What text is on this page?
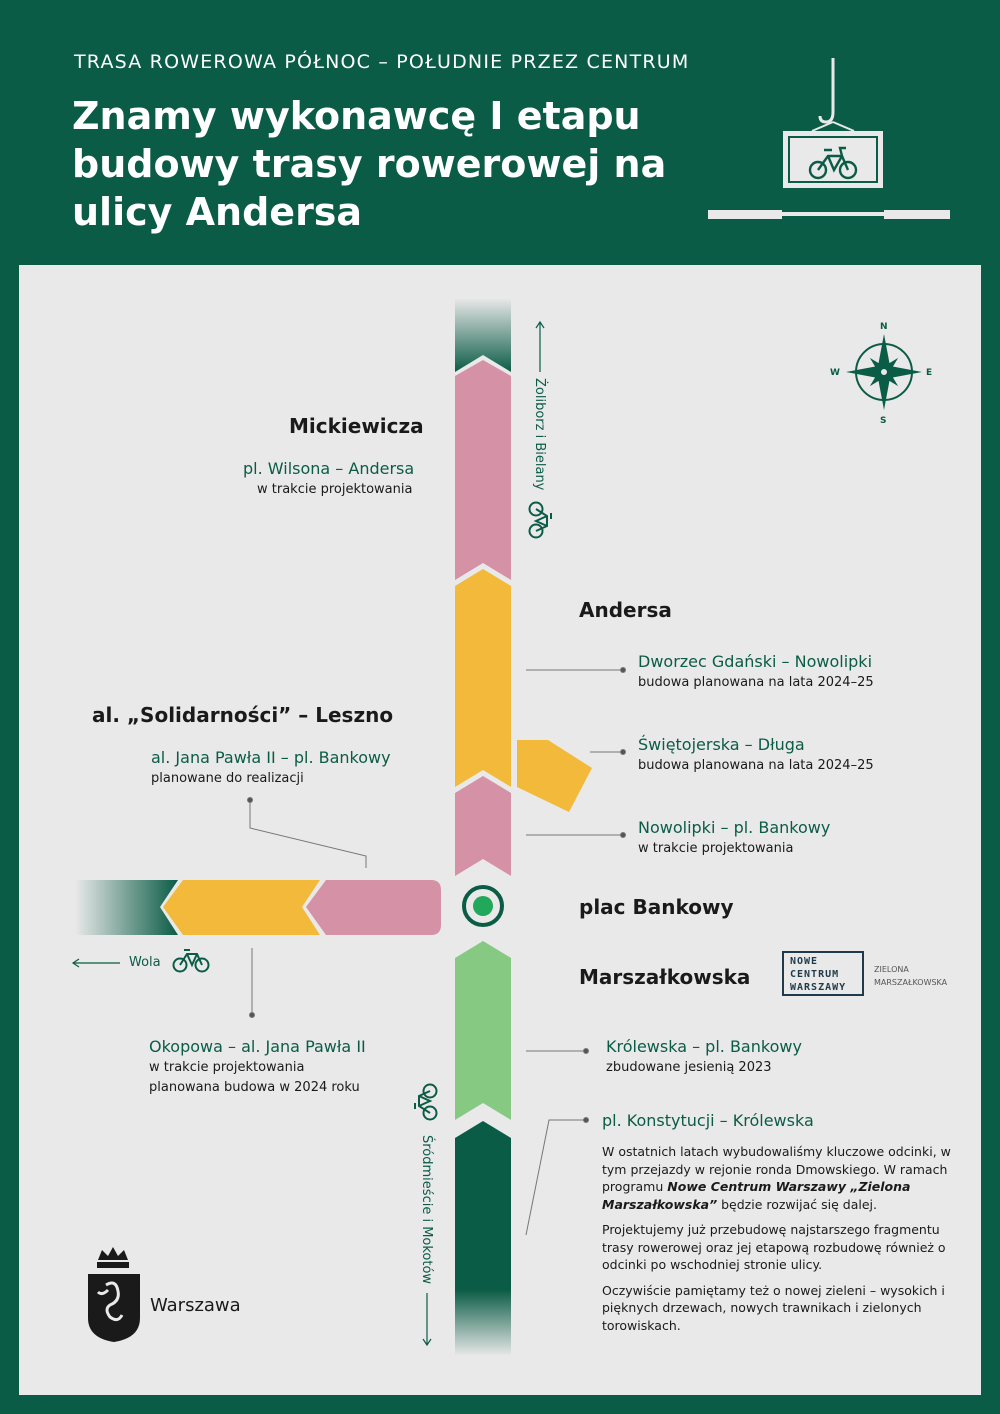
TRASA ROWEROWA PÓŁNOC – POŁUDNIE PRZEZ CENTRUM
Znamy wykonawcę I etapu budowy trasy rowerowej na ulicy Andersa
N
S
E
W
Mickiewicza
pl. Wilsona – Andersa
w trakcie projektowania
Andersa
Dworzec Gdański – Nowolipki
budowa planowana na lata 2024–25
al. „Solidarności” – Leszno
al. Jana Pawła II – pl. Bankowy
planowane do realizacji
Świętojerska – Długa
budowa planowana na lata 2024–25
Nowolipki – pl. Bankowy
w trakcie projektowania
plac Bankowy
Marszałkowska
Wola
Okopowa – al. Jana Pawła II
w trakcie projektowania
planowana budowa w 2024 roku
Królewska – pl. Bankowy
zbudowane jesienią 2023
pl. Konstytucji – Królewska

W ostatnich latach wybudowaliśmy kluczowe odcinki, w tym przejazdy w rejonie ronda Dmowskiego. W ramach programu Nowe Centrum Warszawy „Zielona Marszałkowska” będzie rozwijać się dalej.

Projektujemy już przebudowę najstarszego fragmentu trasy rowerowej oraz jej etapową rozbudowę również o odcinki po wschodniej stronie ulicy.

Oczywiście pamiętamy też o nowej zieleni – wysokich i pięknych drzewach, nowych trawnikach i zielonych torowiskach.

Żoliborz i Bielany
Śródmieście i Mokotów
NOWE
CENTRUM
WARSZAWY
ZIELONA
MARSZAŁKOWSKA
Warszawa
